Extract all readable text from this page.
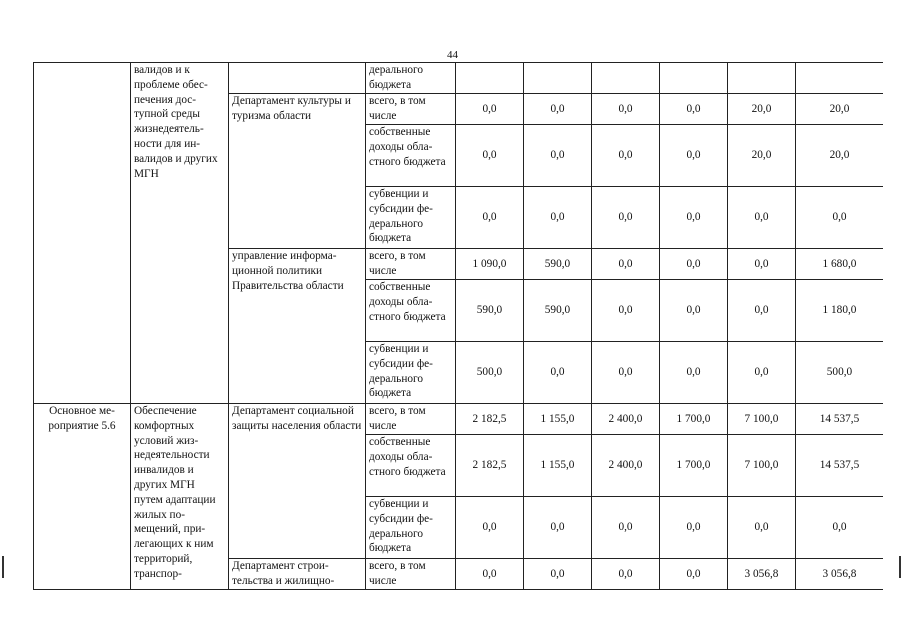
44
	валидов и к проблеме обеспечения доступной среды жизнедеятельности для инвалидов и других МГН		дерального бюджета						
		Департамент культуры и туризма области	всего, в том числе	0,0	0,0	0,0	0,0	20,0	20,0
			собственные доходы областного бюджета	0,0	0,0	0,0	0,0	20,0	20,0
			субвенции и субсидии федерального бюджета	0,0	0,0	0,0	0,0	0,0	0,0
		управление информационной политики Правительства области	всего, в том числе	1 090,0	590,0	0,0	0,0	0,0	1 680,0
			собственные доходы областного бюджета	590,0	590,0	0,0	0,0	0,0	1 180,0
			субвенции и субсидии федерального бюджета	500,0	0,0	0,0	0,0	0,0	500,0
Основное мероприятие 5.6	Обеспечение комфортных условий жизнедеятельности инвалидов и других МГН путем адаптации жилых помещений, прилегающих к ним территорий, транспор-	Департамент социальной защиты населения области	всего, в том числе	2 182,5	1 155,0	2 400,0	1 700,0	7 100,0	14 537,5
			собственные доходы областного бюджета	2 182,5	1 155,0	2 400,0	1 700,0	7 100,0	14 537,5
			субвенции и субсидии федерального бюджета	0,0	0,0	0,0	0,0	0,0	0,0
		Департамент строительства и жилищно-	всего, в том числе	0,0	0,0	0,0	0,0	3 056,8	3 056,8
